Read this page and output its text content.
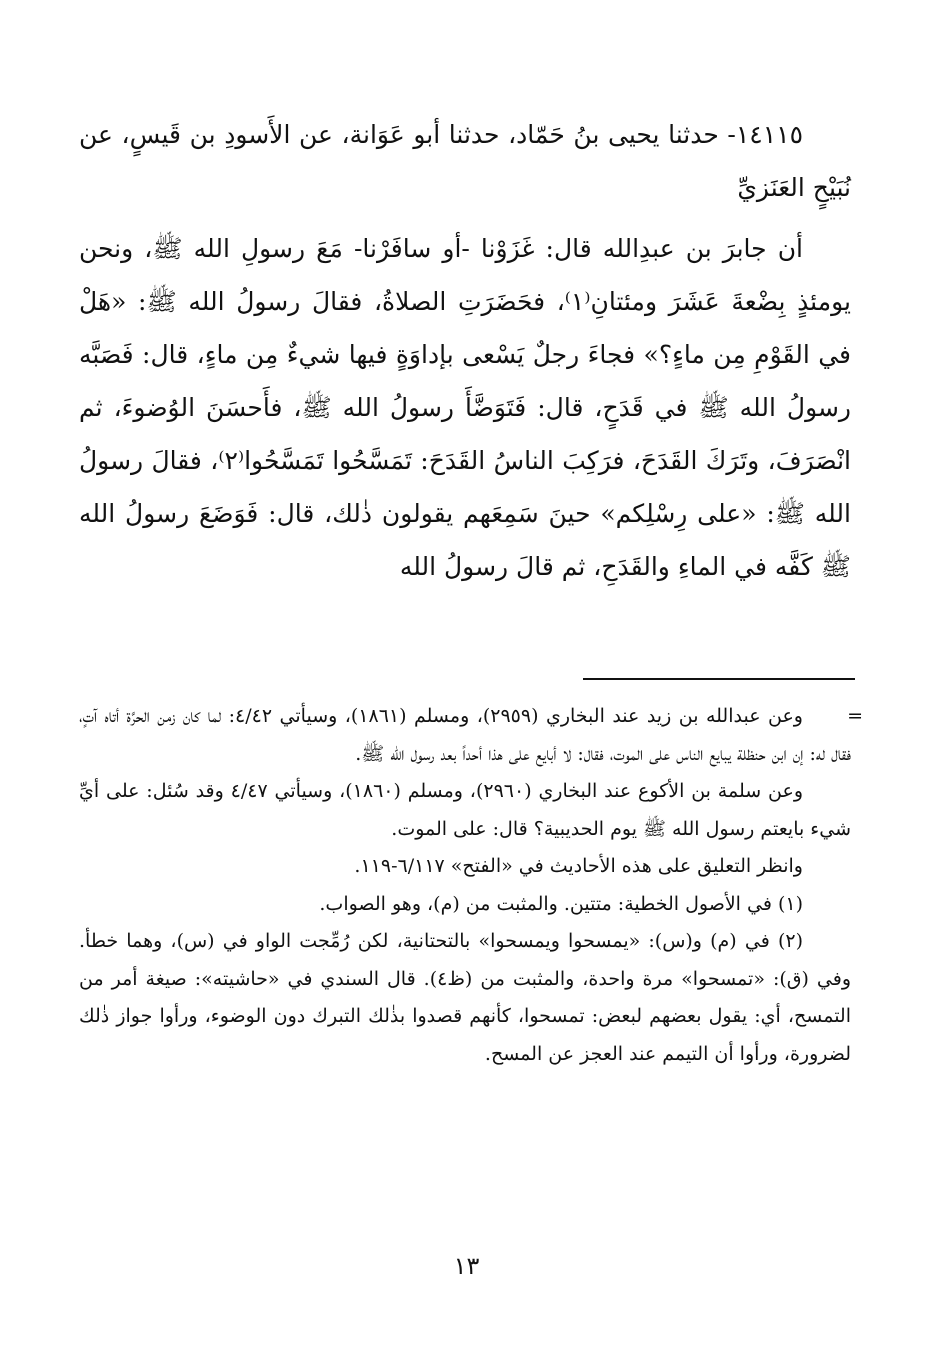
١٤١١٥- حدثنا يحيى بنُ حَمّاد، حدثنا أبو عَوَانة، عن الأَسودِ بن قَيسٍ، عن نُبَيْحٍ العَنَزيِّ

أن جابرَ بن عبدِالله قال: غَزَوْنا -أو سافَرْنا- مَعَ رسولِ الله ﷺ، ونحن يومئذٍ بِضْعةَ عَشَرَ ومئتانِ⁽١⁾، فحَضَرَتِ الصلاةُ، فقالَ رسولُ الله ﷺ: «هَلْ في القَوْمِ مِن ماءٍ؟» فجاءَ رجلٌ يَسْعى بإداوَةٍ فيها شيءٌ مِن ماءٍ، قال: فَصَبَّه رسولُ الله ﷺ في قَدَحٍ، قال: فَتَوَضَّأَ رسولُ الله ﷺ، فأَحسَنَ الوُضوءَ، ثم انْصَرَفَ، وتَرَكَ القَدَحَ، فرَكِبَ الناسُ القَدَحَ: تَمَسَّحُوا تَمَسَّحُوا⁽٢⁾، فقالَ رسولُ الله ﷺ: «على رِسْلِكم» حينَ سَمِعَهم يقولون ذٰلك، قال: فَوَضَعَ رسولُ الله ﷺ كَفَّه في الماءِ والقَدَحِ، ثم قالَ رسولُ الله

=

وعن عبدالله بن زيد عند البخاري (٢٩٥٩)، ومسلم (١٨٦١)، وسيأتي ٤/٤٢: لما كان زمن الحرَّة أتاه آتٍ، فقال له: إن ابن حنظلة يبايع الناس على الموت، فقال: لا أبايع على هذا أحداً بعد رسول الله ﷺ.

وعن سلمة بن الأكوع عند البخاري (٢٩٦٠)، ومسلم (١٨٦٠)، وسيأتي ٤/٤٧ وقد سُئل: على أيِّ شيء بايعتم رسول الله ﷺ يوم الحديبية؟ قال: على الموت.

وانظر التعليق على هذه الأحاديث في «الفتح» ٦/١١٧-١١٩.

(١) في الأصول الخطية: متتين. والمثبت من (م)، وهو الصواب.

(٢) في (م) و(س): «يمسحوا ويمسحوا» بالتحتانية، لكن رُمِّجت الواو في (س)، وهما خطأ. وفي (ق): «تمسحوا» مرة واحدة، والمثبت من (ظ٤). قال السندي في «حاشيته»: صيغة أمر من التمسح، أي: يقول بعضهم لبعض: تمسحوا، كأنهم قصدوا بذٰلك التبرك دون الوضوء، ورأوا جواز ذٰلك لضرورة، ورأوا أن التيمم عند العجز عن المسح.

١٣
